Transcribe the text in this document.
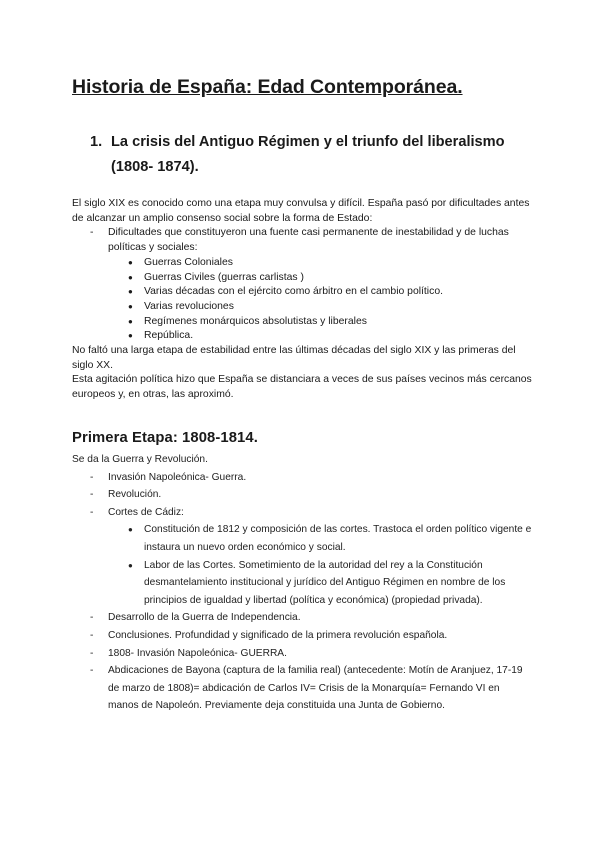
Historia de España: Edad Contemporánea.
1. La crisis del Antiguo Régimen y el triunfo del liberalismo (1808- 1874).

El siglo XIX es conocido como una etapa muy convulsa y difícil. España pasó por dificultades antes de alcanzar un amplio consenso social sobre la forma de Estado:

- Dificultades que constituyeron una fuente casi permanente de inestabilidad y de luchas políticas y sociales:
● Guerras Coloniales
● Guerras Civiles (guerras carlistas )
● Varias décadas con el ejército como árbitro en el cambio político.
● Varias revoluciones
● Regímenes monárquicos absolutistas y liberales
● República.

No faltó una larga etapa de estabilidad entre las últimas décadas del siglo XIX y las primeras del siglo XX.

Esta agitación política hizo que España se distanciara a veces de sus países vecinos más cercanos europeos y, en otras, las aproximó.

Primera Etapa: 1808-1814.

Se da la Guerra y Revolución.

- Invasión Napoleónica- Guerra.
- Revolución.
- Cortes de Cádiz:
● Constitución de 1812 y composición de las cortes. Trastoca el orden político vigente e instaura un nuevo orden económico y social.
● Labor de las Cortes. Sometimiento de la autoridad del rey a la Constitución desmantelamiento institucional y jurídico del Antiguo Régimen en nombre de los principios de igualdad y libertad (política y económica) (propiedad privada).
- Desarrollo de la Guerra de Independencia.
- Conclusiones. Profundidad y significado de la primera revolución española.
- 1808- Invasión Napoleónica- GUERRA.
- Abdicaciones de Bayona (captura de la familia real) (antecedente: Motín de Aranjuez, 17-19 de marzo de 1808)= abdicación de Carlos IV= Crisis de la Monarquía= Fernando VI en manos de Napoleón. Previamente deja constituida una Junta de Gobierno.
